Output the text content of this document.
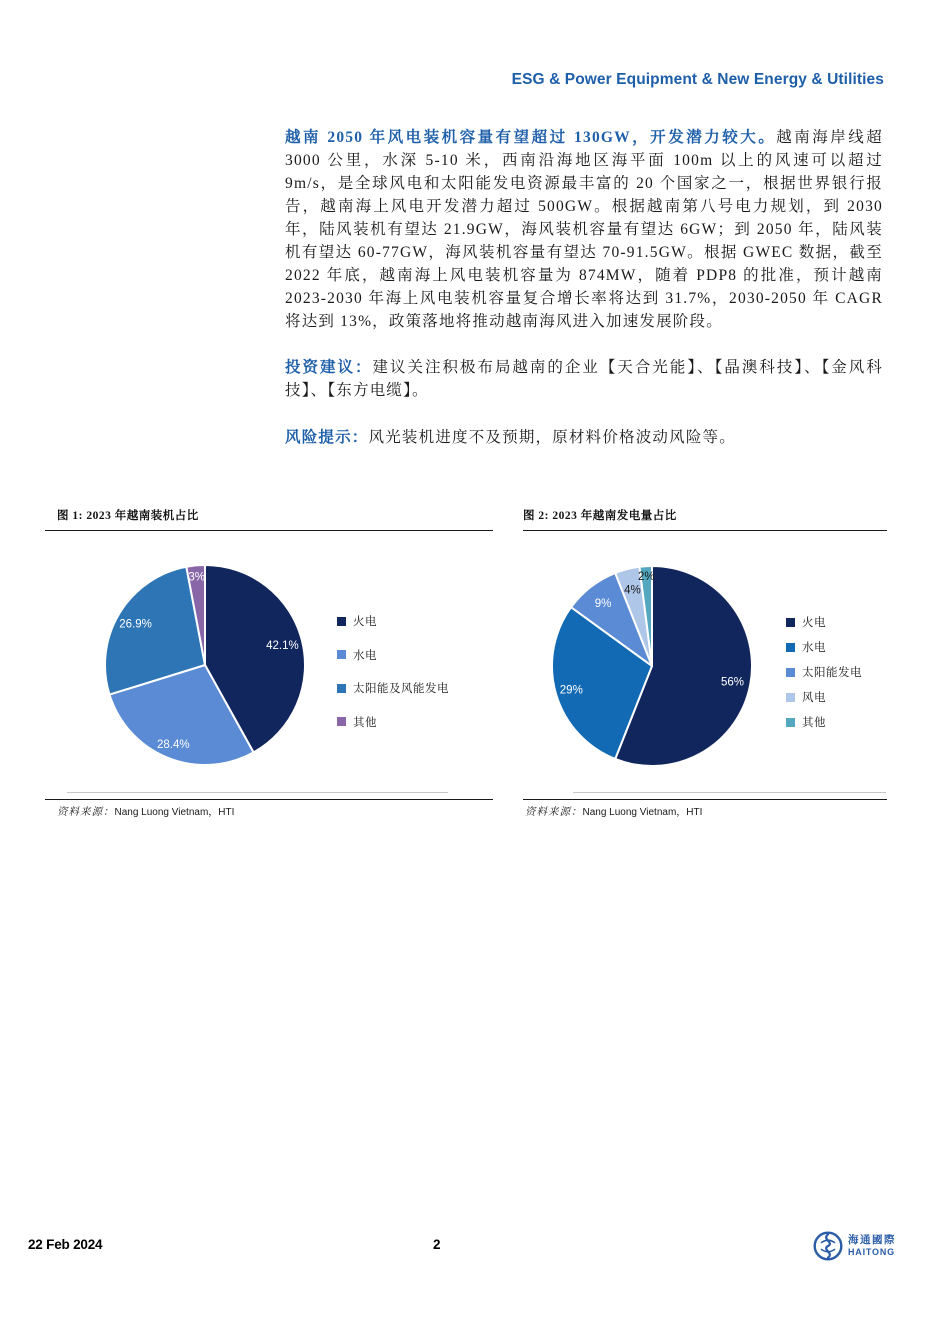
ESG & Power Equipment & New Energy & Utilities
越南 2050 年风电装机容量有望超过 130GW，开发潜力较大。越南海岸线超 3000 公里，水深 5-10 米，西南沿海地区海平面 100m 以上的风速可以超过 9m/s，是全球风电和太阳能发电资源最丰富的 20 个国家之一，根据世界银行报告，越南海上风电开发潜力超过 500GW。根据越南第八号电力规划，到 2030 年，陆风装机有望达 21.9GW，海风装机容量有望达 6GW；到 2050 年，陆风装机有望达 60-77GW，海风装机容量有望达 70-91.5GW。根据 GWEC 数据，截至 2022 年底，越南海上风电装机容量为 874MW，随着 PDP8 的批准，预计越南 2023-2030 年海上风电装机容量复合增长率将达到 31.7%，2030-2050 年 CAGR 将达到 13%，政策落地将推动越南海风进入加速发展阶段。
投资建议：建议关注积极布局越南的企业【天合光能】、【晶澳科技】、【金风科技】、【东方电缆】。
风险提示：风光装机进度不及预期，原材料价格波动风险等。
图 1: 2023 年越南装机占比
42.1%
28.4%
26.9%
3%
火电
水电
太阳能及风能发电
其他
资料来源：Nang Luong Vietnam，HTI
图 2: 2023 年越南发电量占比
56%
29%
9%
4%
2%
火电
水电
太阳能发电
风电
其他
资料来源：Nang Luong Vietnam，HTI
22 Feb 2024	2	海通國際
HAITONG
